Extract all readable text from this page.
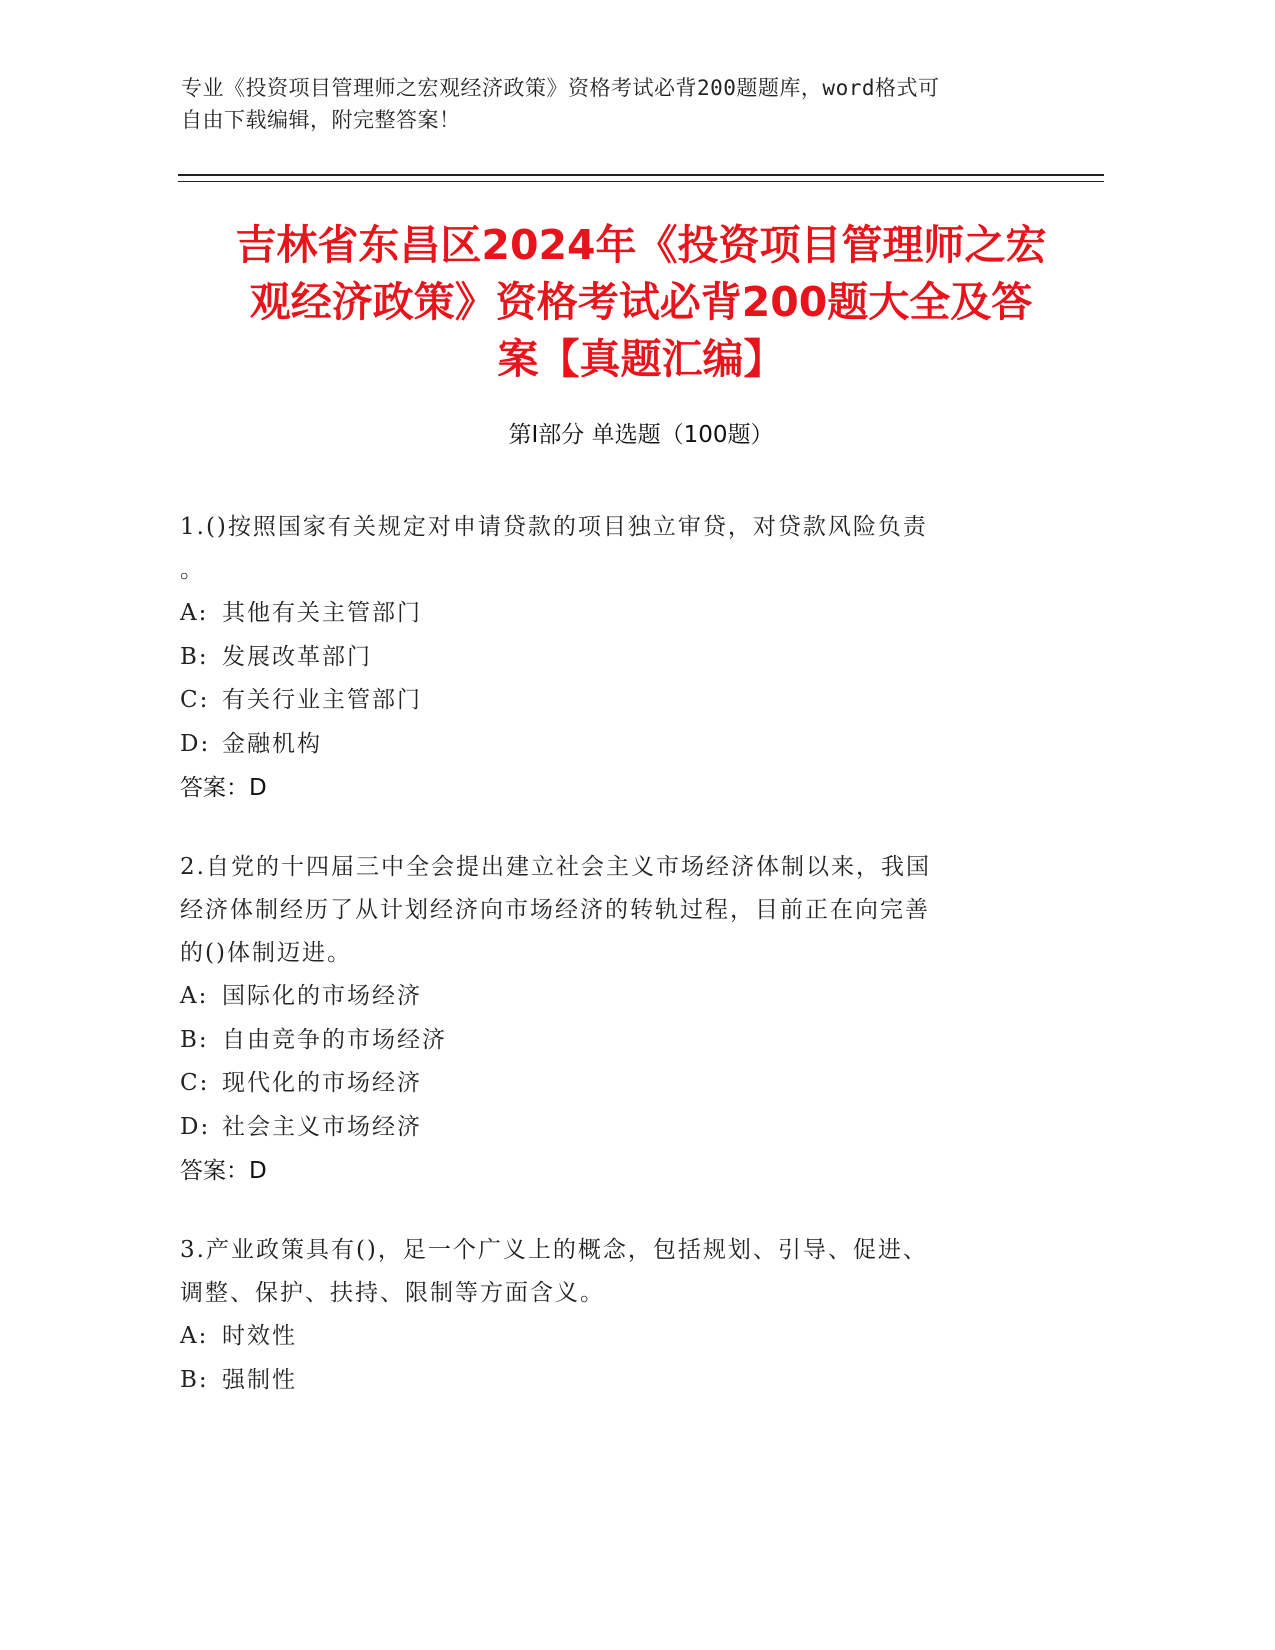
专业《投资项目管理师之宏观经济政策》资格考试必背200题题库，word格式可
自由下载编辑，附完整答案！
吉林省东昌区2024年《投资项目管理师之宏
观经济政策》资格考试必背200题大全及答
案【真题汇编】
第Ⅰ部分 单选题（100题）
1.()按照国家有关规定对申请贷款的项目独立审贷，对贷款风险负责
。
A: 其他有关主管部门
B: 发展改革部门
C: 有关行业主管部门
D: 金融机构
答案：D
2.自党的十四届三中全会提出建立社会主义市场经济体制以来，我国
经济体制经历了从计划经济向市场经济的转轨过程，目前正在向完善
的()体制迈进。
A: 国际化的市场经济
B: 自由竞争的市场经济
C: 现代化的市场经济
D: 社会主义市场经济
答案：D
3.产业政策具有()，足一个广义上的概念，包括规划、引导、促进、
调整、保护、扶持、限制等方面含义。
A: 时效性
B: 强制性
